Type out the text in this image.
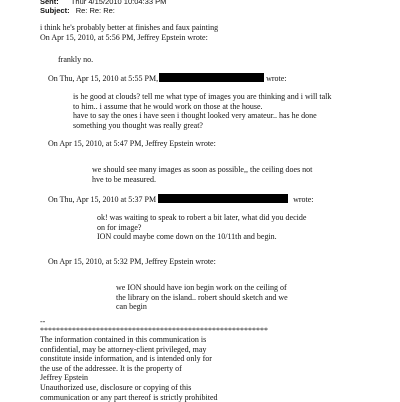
Sent: Thur 4/15/2010 10:04:33 PM
Subject: Re: Re: Re:
i think he's probably better at finishes and faux painting
On Apr 15, 2010, at 5:56 PM, Jeffrey Epstein wrote:
frankly no.
On Thu, Apr 15, 2010 at 5:55 PM,	wrote:
is he good at clouds? tell me what type of images you are thinking and i will talk
to him.. i assume that he would work on those at the house.
have to say the ones i have seen i thought looked very amateur.. has he done
something you thought was really great?
On Apr 15, 2010, at 5:47 PM, Jeffrey Epstein wrote:
we should see many images as soon as possible,, the ceiling does not
hve to be measured.
On Thu, Apr 15, 2010 at 5:37 PM	wrote:
ok! was waiting to speak to robert a bit later, what did you decide
on for image?
ION could maybe come down on the 10/11th and begin.
On Apr 15, 2010, at 5:32 PM, Jeffrey Epstein wrote:
we ION should have ion begin work on the ceiling of
the library on the island.. robert should sketch and we
can begin
--
*********************************************************
The information contained in this communication is
confidential, may be attorney-client privileged, may
constitute inside information, and is intended only for
the use of the addressee. It is the property of
Jeffrey Epstein
Unauthorized use, disclosure or copying of this
communication or any part thereof is strictly prohibited
